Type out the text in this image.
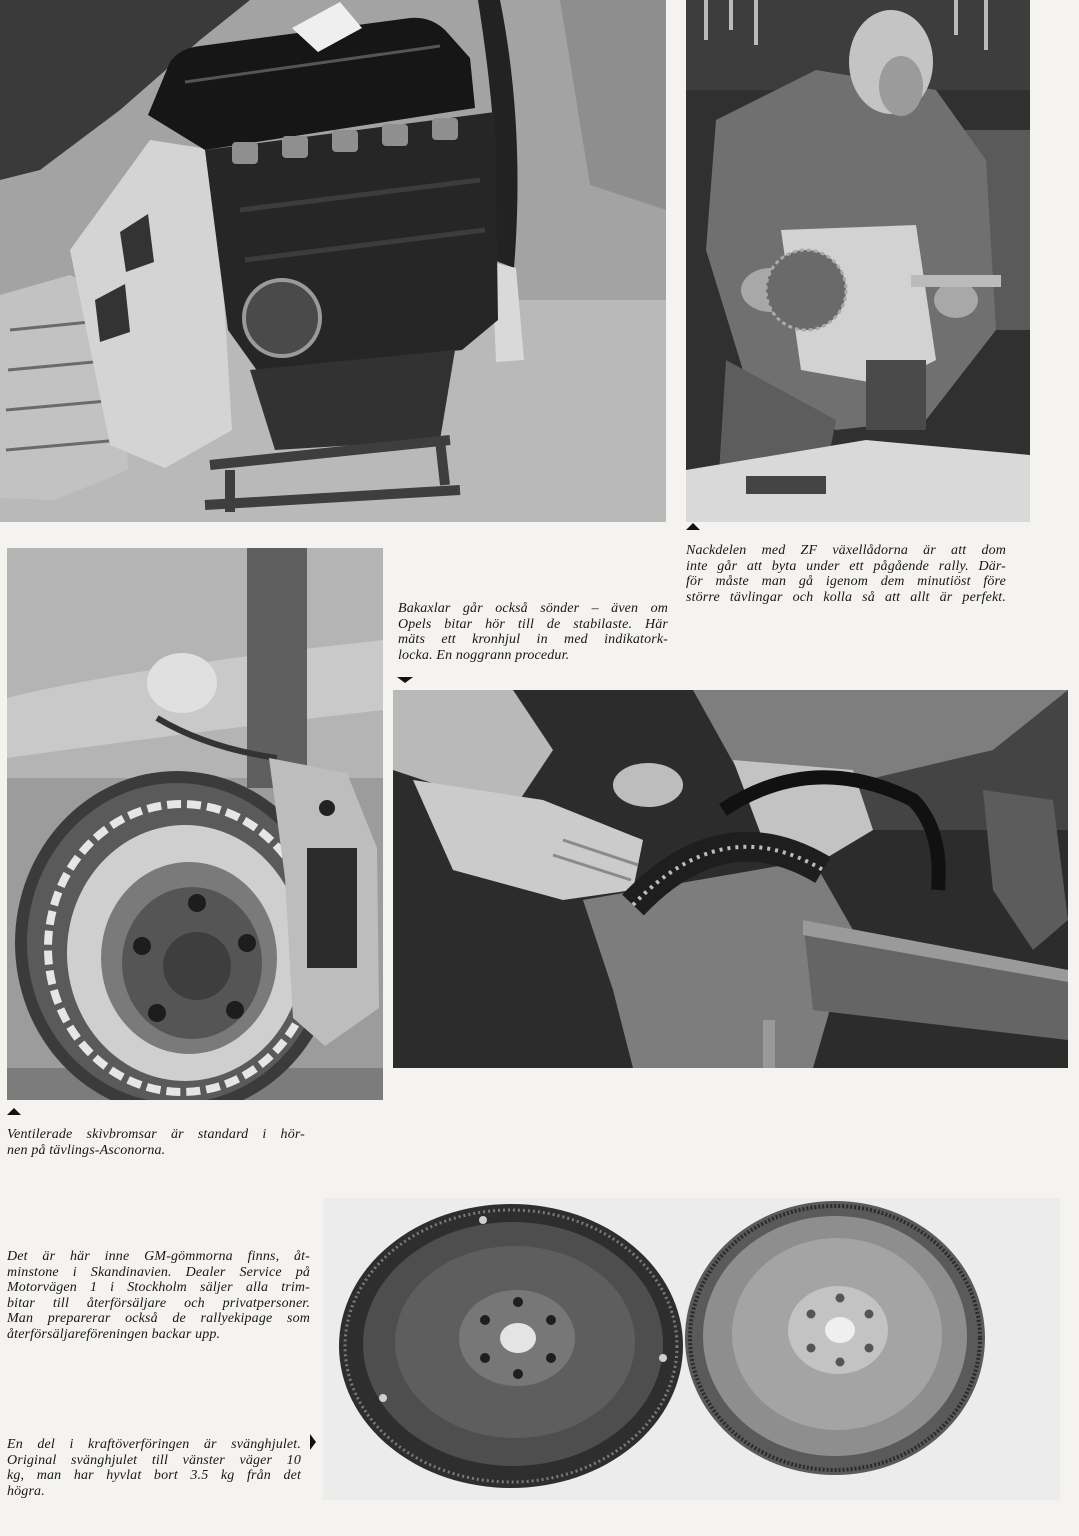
Nackdelen med ZF växellådorna är att dom
inte går att byta under ett pågående rally. Där-
för måste man gå igenom dem minutiöst före
större tävlingar och kolla så att allt är perfekt.
Bakaxlar går också sönder – även om
Opels bitar hör till de stabilaste. Här
mäts ett kronhjul in med indikatork-
locka. En noggrann procedur.
Ventilerade skivbromsar är standard i hör-
nen på tävlings-Asconorna.
Det är här inne GM-gömmorna finns, åt-
minstone i Skandinavien. Dealer Service på
Motorvägen 1 i Stockholm säljer alla trim-
bitar till återförsäljare och privatpersoner.
Man preparerar också de rallyekipage som
återförsäljareföreningen backar upp.
En del i kraftöverföringen är svänghjulet.
Original svänghjulet till vänster väger 10
kg, man har hyvlat bort 3.5 kg från det
högra.
